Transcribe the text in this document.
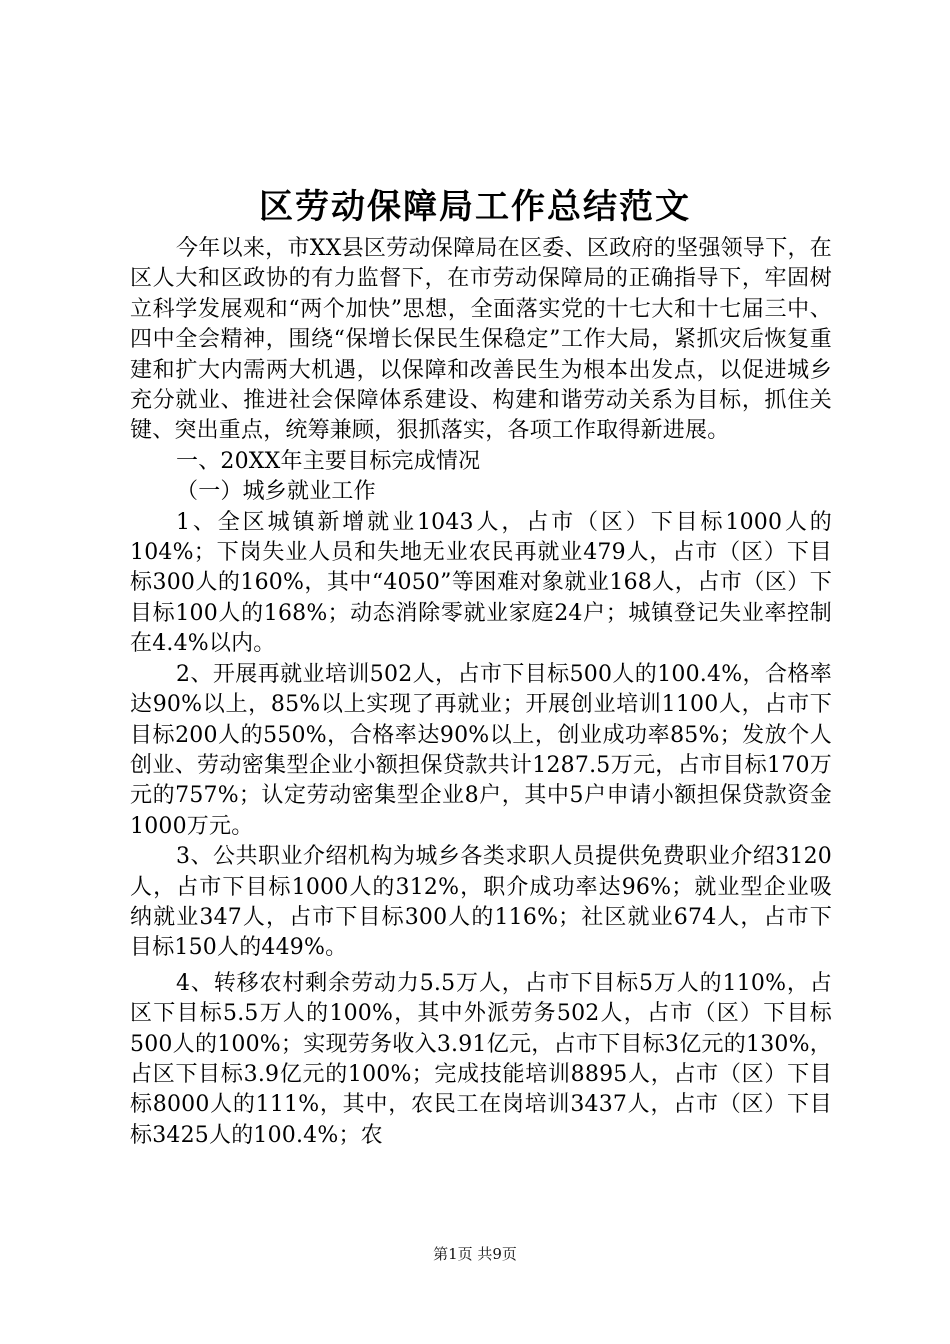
区劳动保障局工作总结范文

今年以来，市XX县区劳动保障局在区委、区政府的坚强领导下，在区人大和区政协的有力监督下，在市劳动保障局的正确指导下，牢固树立科学发展观和“两个加快”思想，全面落实党的十七大和十七届三中、四中全会精神，围绕“保增长保民生保稳定”工作大局，紧抓灾后恢复重建和扩大内需两大机遇，以保障和改善民生为根本出发点，以促进城乡充分就业、推进社会保障体系建设、构建和谐劳动关系为目标，抓住关键、突出重点，统筹兼顾，狠抓落实，各项工作取得新进展。

一、20XX年主要目标完成情况

（一）城乡就业工作

1、全区城镇新增就业1043人，占市（区）下目标1000人的104%；下岗失业人员和失地无业农民再就业479人，占市（区）下目标300人的160%，其中“4050”等困难对象就业168人，占市（区）下目标100人的168%；动态消除零就业家庭24户；城镇登记失业率控制在4.4%以内。

2、开展再就业培训502人，占市下目标500人的100.4%，合格率达90%以上，85%以上实现了再就业；开展创业培训1100人，占市下目标200人的550%，合格率达90%以上，创业成功率85%；发放个人创业、劳动密集型企业小额担保贷款共计1287.5万元，占市目标170万元的757%；认定劳动密集型企业8户，其中5户申请小额担保贷款资金1000万元。

3、公共职业介绍机构为城乡各类求职人员提供免费职业介绍3120人，占市下目标1000人的312%，职介成功率达96%；就业型企业吸纳就业347人，占市下目标300人的116%；社区就业674人，占市下目标150人的449%。

4、转移农村剩余劳动力5.5万人，占市下目标5万人的110%，占区下目标5.5万人的100%，其中外派劳务502人，占市（区）下目标500人的100%；实现劳务收入3.91亿元，占市下目标3亿元的130%，占区下目标3.9亿元的100%；完成技能培训8895人，占市（区）下目标8000人的111%，其中，农民工在岗培训3437人，占市（区）下目标3425人的100.4%；农

第1页 共9页
